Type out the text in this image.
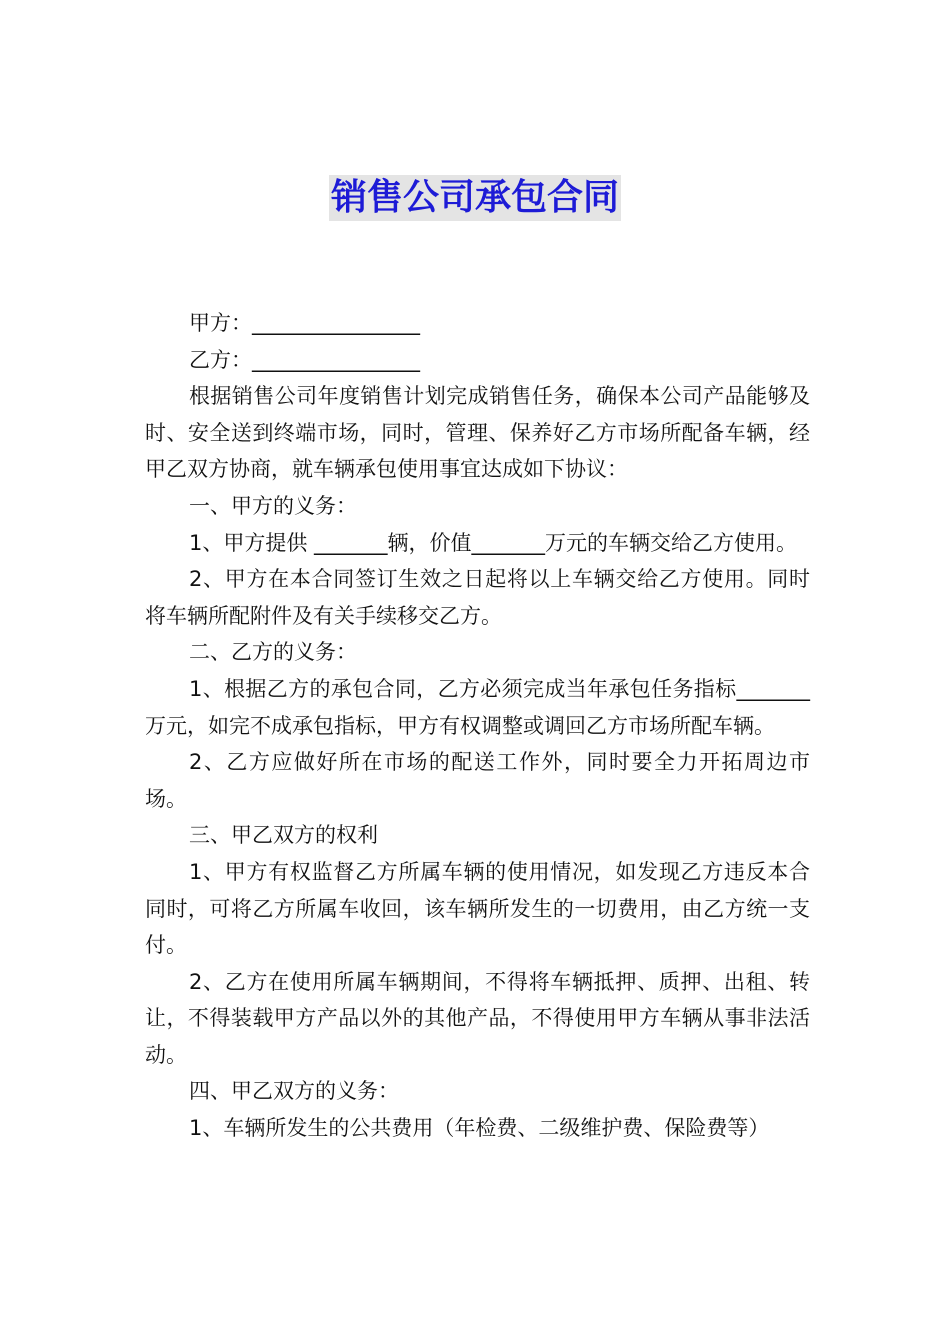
销售公司承包合同

甲方：________________

乙方：________________

根据销售公司年度销售计划完成销售任务，确保本公司产品能够及时、安全送到终端市场，同时，管理、保养好乙方市场所配备车辆，经甲乙双方协商，就车辆承包使用事宜达成如下协议：

一、甲方的义务：

1、甲方提供 _______辆，价值_______万元的车辆交给乙方使用。

2、甲方在本合同签订生效之日起将以上车辆交给乙方使用。同时将车辆所配附件及有关手续移交乙方。

二、乙方的义务：

1、根据乙方的承包合同，乙方必须完成当年承包任务指标_______万元，如完不成承包指标，甲方有权调整或调回乙方市场所配车辆。

2、乙方应做好所在市场的配送工作外，同时要全力开拓周边市场。

三、甲乙双方的权利

1、甲方有权监督乙方所属车辆的使用情况，如发现乙方违反本合同时，可将乙方所属车收回，该车辆所发生的一切费用，由乙方统一支付。

2、乙方在使用所属车辆期间，不得将车辆抵押、质押、出租、转让，不得装载甲方产品以外的其他产品，不得使用甲方车辆从事非法活动。

四、甲乙双方的义务：

1、车辆所发生的公共费用（年检费、二级维护费、保险费等）
